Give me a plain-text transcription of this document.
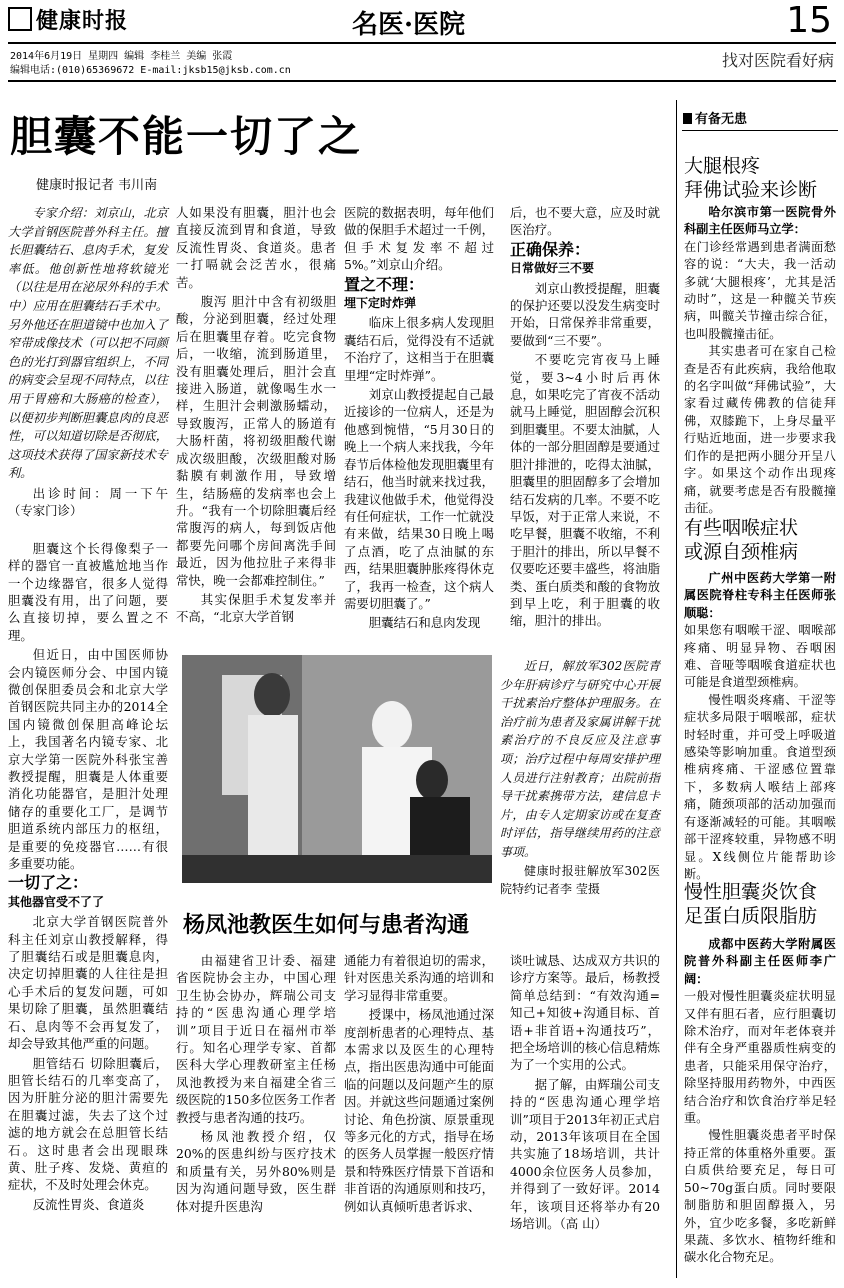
健康时报	名医·医院	15
2014年6月19日 星期四 编辑 李桂兰 美编 张霞
编辑电话:(010)65369672 E-mail:jksb15@jksb.com.cn
找对医院看好病
胆囊不能一切了之
健康时报记者 韦川南

专家介绍：刘京山，北京大学首钢医院普外科主任。擅长胆囊结石、息肉手术，复发率低。他创新性地将软镜光（以往是用在泌尿外科的手术中）应用在胆囊结石手术中。另外他还在胆道镜中也加入了窄带成像技术（可以把不同颜色的光打到器官组织上，不同的病变会呈现不同特点，以往用于胃癌和大肠癌的检查），以便初步判断胆囊息肉的良恶性，可以知道切除是否彻底，这项技术获得了国家新技术专利。

出诊时间：周一下午（专家门诊）

胆囊这个长得像梨子一样的器官一直被尴尬地当作一个边缘器官，很多人觉得胆囊没有用，出了问题，要么直接切掉，要么置之不理。

但近日，由中国医师协会内镜医师分会、中国内镜微创保胆委员会和北京大学首钢医院共同主办的2014全国内镜微创保胆高峰论坛上，我国著名内镜专家、北京大学第一医院外科张宝善教授提醒，胆囊是人体重要消化功能器官，是胆汁处理储存的重要化工厂，是调节胆道系统内部压力的枢纽，是重要的免疫器官……有很多重要功能。

一切了之：

其他器官受不了了

北京大学首钢医院普外科主任刘京山教授解释，得了胆囊结石或是胆囊息肉，决定切掉胆囊的人往往是担心手术后的复发问题，可如果切除了胆囊，虽然胆囊结石、息肉等不会再复发了，却会导致其他严重的问题。

胆管结石 切除胆囊后，胆管长结石的几率变高了，因为肝脏分泌的胆汁需要先在胆囊过滤，失去了这个过滤的地方就会在总胆管长结石。这时患者会出现眼珠黄、肚子疼、发烧、黄疸的症状，不及时处理会休克。

反流性胃炎、食道炎

人如果没有胆囊，胆汁也会直接反流到胃和食道，导致反流性胃炎、食道炎。患者一打嗝就会泛苦水，很痛苦。

腹泻 胆汁中含有初级胆酸，分泌到胆囊，经过处理后在胆囊里存着。吃完食物后，一收缩，流到肠道里，没有胆囊处理后，胆汁会直接进入肠道，就像喝生水一样，生胆汁会刺激肠蠕动，导致腹泻，正常人的肠道有大肠杆菌，将初级胆酸代谢成次级胆酸，次级胆酸对肠黏膜有刺激作用，导致增生，结肠癌的发病率也会上升。“我有一个切除胆囊后经常腹泻的病人，每到饭店他都要先问哪个房间离洗手间最近，因为他拉肚子来得非常快，晚一会都难控制住。”

其实保胆手术复发率并不高，“北京大学首钢

医院的数据表明，每年他们做的保胆手术超过一千例，但手术复发率不超过5%。”刘京山介绍。

置之不理：

埋下定时炸弹

临床上很多病人发现胆囊结石后，觉得没有不适就不治疗了，这相当于在胆囊里埋“定时炸弹”。

刘京山教授提起自己最近接诊的一位病人，还是为他感到惋惜，“5月30日的晚上一个病人来找我，今年春节后体检他发现胆囊里有结石，他当时就来找过我，我建议他做手术，他觉得没有任何症状，工作一忙就没有来做，结果30日晚上喝了点酒，吃了点油腻的东西，结果胆囊肿胀疼得休克了，我再一检查，这个病人需要切胆囊了。”

胆囊结石和息肉发现

后，也不要大意，应及时就医治疗。

正确保养：

日常做好三不要

刘京山教授提醒，胆囊的保护还要以没发生病变时开始，日常保养非常重要，要做到“三不要”。

不要吃完宵夜马上睡觉，要3~4小时后再休息，如果吃完了宵夜不活动就马上睡觉，胆固醇会沉积到胆囊里。不要太油腻，人体的一部分胆固醇是要通过胆汁排泄的，吃得太油腻，胆囊里的胆固醇多了会增加结石发病的几率。不要不吃早饭，对于正常人来说，不吃早餐，胆囊不收缩，不利于胆汁的排出，所以早餐不仅要吃还要丰盛些，将油脂类、蛋白质类和酸的食物放到早上吃，利于胆囊的收缩，胆汁的排出。

近日，解放军302医院青少年肝病诊疗与研究中心开展干扰素治疗整体护理服务。在治疗前为患者及家属讲解干扰素治疗的不良反应及注意事项；治疗过程中每周安排护理人员进行注射教育；出院前指导干扰素携带方法，建信息卡片，由专人定期家访或在复查时评估，指导继续用药的注意事项。

健康时报驻解放军302医院特约记者李 莹摄

杨凤池教医生如何与患者沟通

由福建省卫计委、福建省医院协会主办，中国心理卫生协会协办，辉瑞公司支持的“医患沟通心理学培训”项目于近日在福州市举行。知名心理学专家、首都医科大学心理教研室主任杨凤池教授为来自福建全省三级医院的150多位医务工作者教授与患者沟通的技巧。

杨凤池教授介绍，仅20%的医患纠纷与医疗技术和质量有关，另外80%则是因为沟通问题导致，医生群体对提升医患沟

通能力有着很迫切的需求，针对医患关系沟通的培训和学习显得非常重要。

授课中，杨凤池通过深度剖析患者的心理特点、基本需求以及医生的心理特点，指出医患沟通中可能面临的问题以及问题产生的原因。并就这些问题通过案例讨论、角色扮演、原景重现等多元化的方式，指导在场的医务人员掌握一般医疗情景和特殊医疗情景下首语和非首语的沟通原则和技巧，例如认真倾听患者诉求、

谈吐诚恳、达成双方共识的诊疗方案等。最后，杨教授简单总结到：“有效沟通=知己+知彼+沟通目标、首语+非首语+沟通技巧”，把全场培训的核心信息精炼为了一个实用的公式。

据了解，由辉瑞公司支持的“医患沟通心理学培训”项目于2013年初正式启动，2013年该项目在全国共实施了18场培训，共计4000余位医务人员参加，并得到了一致好评。2014年，该项目还将举办有20场培训。（高 山）

有备无患
大腿根疼
拜佛试验来诊断

哈尔滨市第一医院骨外科副主任医师马立学：

在门诊经常遇到患者满面愁容的说：“大夫，我一活动多就‘大腿根疼’，尤其是活动时”，这是一种髋关节疾病，叫髋关节撞击综合征，也叫股髋撞击征。

其实患者可在家自己检查是否有此疾病，我给他取的名字叫做“拜佛试验”，大家看过藏传佛教的信徒拜佛，双膝跪下，上身尽量平行贴近地面，进一步要求我们作的是把两小腿分开呈八字。如果这个动作出现疼痛，就要考虑是否有股髋撞击征。

有些咽喉症状
或源自颈椎病

广州中医药大学第一附属医院脊柱专科主任医师张顺聪：

如果您有咽喉干涩、咽喉部疼痛、明显异物、吞咽困难、音哑等咽喉食道症状也可能是食道型颈椎病。

慢性咽炎疼痛、干涩等症状多局限于咽喉部，症状时轻时重，并可受上呼吸道感染等影响加重。食道型颈椎病疼痛、干涩感位置靠下，多数病人喉结上部疼痛，随颈项部的活动加强而有逐渐减轻的可能。其咽喉部干涩疼较重，异物感不明显。X线侧位片能帮助诊断。

慢性胆囊炎饮食
足蛋白质限脂肪

成都中医药大学附属医院普外科副主任医师李广阔：

一般对慢性胆囊炎症状明显又伴有胆石者，应行胆囊切除术治疗，而对年老体衰并伴有全身严重器质性病变的患者，只能采用保守治疗，除坚持服用药物外，中西医结合治疗和饮食治疗举足轻重。

慢性胆囊炎患者平时保持正常的体重格外重要。蛋白质供给要充足，每日可50~70g蛋白质。同时要限制脂肪和胆固醇摄入，另外，宜少吃多餐，多吃新鲜果蔬、多饮水、植物纤维和碳水化合物充足。
